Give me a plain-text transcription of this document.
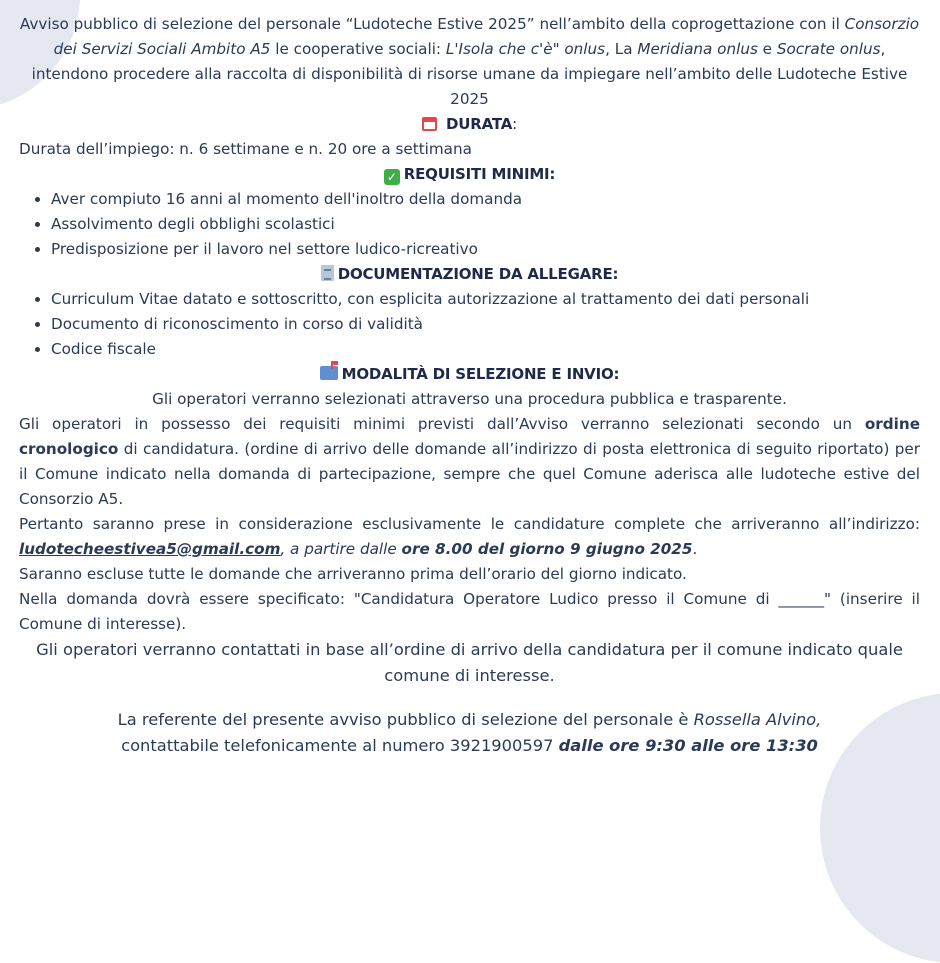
Avviso pubblico di selezione del personale “Ludoteche Estive 2025” nell’ambito della coprogettazione con il Consorzio dei Servizi Sociali Ambito A5 le cooperative sociali: L'Isola che c'è" onlus, La Meridiana onlus e Socrate onlus, intendono procedere alla raccolta di disponibilità di risorse umane da impiegare nell’ambito delle Ludoteche Estive 2025

DURATA:

Durata dell’impiego: n. 6 settimane e n. 20 ore a settimana

✓ REQUISITI MINIMI:
• Aver compiuto 16 anni al momento dell'inoltro della domanda
• Assolvimento degli obblighi scolastici
• Predisposizione per il lavoro nel settore ludico-ricreativo
DOCUMENTAZIONE DA ALLEGARE:
• Curriculum Vitae datato e sottoscritto, con esplicita autorizzazione al trattamento dei dati personali
• Documento di riconoscimento in corso di validità
• Codice fiscale
MODALITÀ DI SELEZIONE E INVIO:

Gli operatori verranno selezionati attraverso una procedura pubblica e trasparente.

Gli operatori in possesso dei requisiti minimi previsti dall’Avviso verranno selezionati secondo un ordine cronologico di candidatura. (ordine di arrivo delle domande all’indirizzo di posta elettronica di seguito riportato) per il Comune indicato nella domanda di partecipazione, sempre che quel Comune aderisca alle ludoteche estive del Consorzio A5.

Pertanto saranno prese in considerazione esclusivamente le candidature complete che arriveranno all’indirizzo: ludotecheestivea5@gmail.com, a partire dalle ore 8.00 del giorno 9 giugno 2025.

Saranno escluse tutte le domande che arriveranno prima dell’orario del giorno indicato.

Nella domanda dovrà essere specificato: "Candidatura Operatore Ludico presso il Comune di ______" (inserire il Comune di interesse).

Gli operatori verranno contattati in base all’ordine di arrivo della candidatura per il comune indicato quale comune di interesse.

La referente del presente avviso pubblico di selezione del personale è Rossella Alvino,
contattabile telefonicamente al numero 3921900597 dalle ore 9:30 alle ore 13:30
